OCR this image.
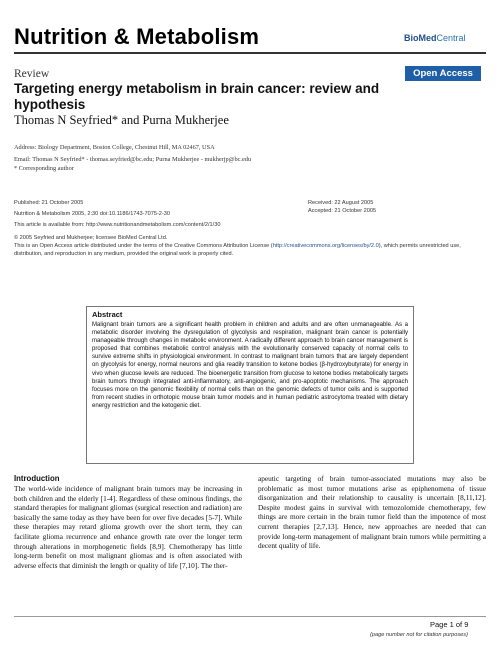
Nutrition & Metabolism	BioMedCentral
Review	Open Access
Targeting energy metabolism in brain cancer: review and hypothesis
Thomas N Seyfried* and Purna Mukherjee
Address: Biology Department, Boston College, Chestnut Hill, MA 02467, USA
Email: Thomas N Seyfried* - thomas.seyfried@bc.edu; Purna Mukherjee - mukherjp@bc.edu
* Corresponding author
Published: 21 October 2005
Nutrition & Metabolism 2005, 2:30 doi:10.1186/1743-7075-2-30
Received: 22 August 2005
Accepted: 21 October 2005
This article is available from: http://www.nutritionandmetabolism.com/content/2/1/30
© 2005 Seyfried and Mukherjee; licensee BioMed Central Ltd.
This is an Open Access article distributed under the terms of the Creative Commons Attribution License (http://creativecommons.org/licenses/by/2.0), which permits unrestricted use, distribution, and reproduction in any medium, provided the original work is properly cited.

Abstract

Malignant brain tumors are a significant health problem in children and adults and are often unmanageable. As a metabolic disorder involving the dysregulation of glycolysis and respiration, malignant brain cancer is potentially manageable through changes in metabolic environment. A radically different approach to brain cancer management is proposed that combines metabolic control analysis with the evolutionarily conserved capacity of normal cells to survive extreme shifts in physiological environment. In contrast to malignant brain tumors that are largely dependent on glycolysis for energy, normal neurons and glia readily transition to ketone bodies (β-hydroxybutyrate) for energy in vivo when glucose levels are reduced. The bioenergetic transition from glucose to ketone bodies metabolically targets brain tumors through integrated anti-inflammatory, anti-angiogenic, and pro-apoptotic mechanisms. The approach focuses more on the genomic flexibility of normal cells than on the genomic defects of tumor cells and is supported from recent studies in orthotopic mouse brain tumor models and in human pediatric astrocytoma treated with dietary energy restriction and the ketogenic diet.

Introduction

The world-wide incidence of malignant brain tumors may be increasing in both children and the elderly [1-4]. Regardless of these ominous findings, the standard therapies for malignant gliomas (surgical resection and radiation) are basically the same today as they have been for over five decades [5-7]. While these therapies may retard glioma growth over the short term, they can facilitate glioma recurrence and enhance growth rate over the longer term through alterations in morphogenetic fields [8,9]. Chemotherapy has little long-term benefit on most malignant gliomas and is often associated with adverse effects that diminish the length or quality of life [7,10]. The ther-

apeutic targeting of brain tumor-associated mutations may also be problematic as most tumor mutations arise as epiphenomena of tissue disorganization and their relationship to causality is uncertain [8,11,12]. Despite modest gains in survival with temozolomide chemotherapy, few things are more certain in the brain tumor field than the impotence of most current therapies [2,7,13]. Hence, new approaches are needed that can provide long-term management of malignant brain tumors while permitting a decent quality of life.

Page 1 of 9
(page number not for citation purposes)
